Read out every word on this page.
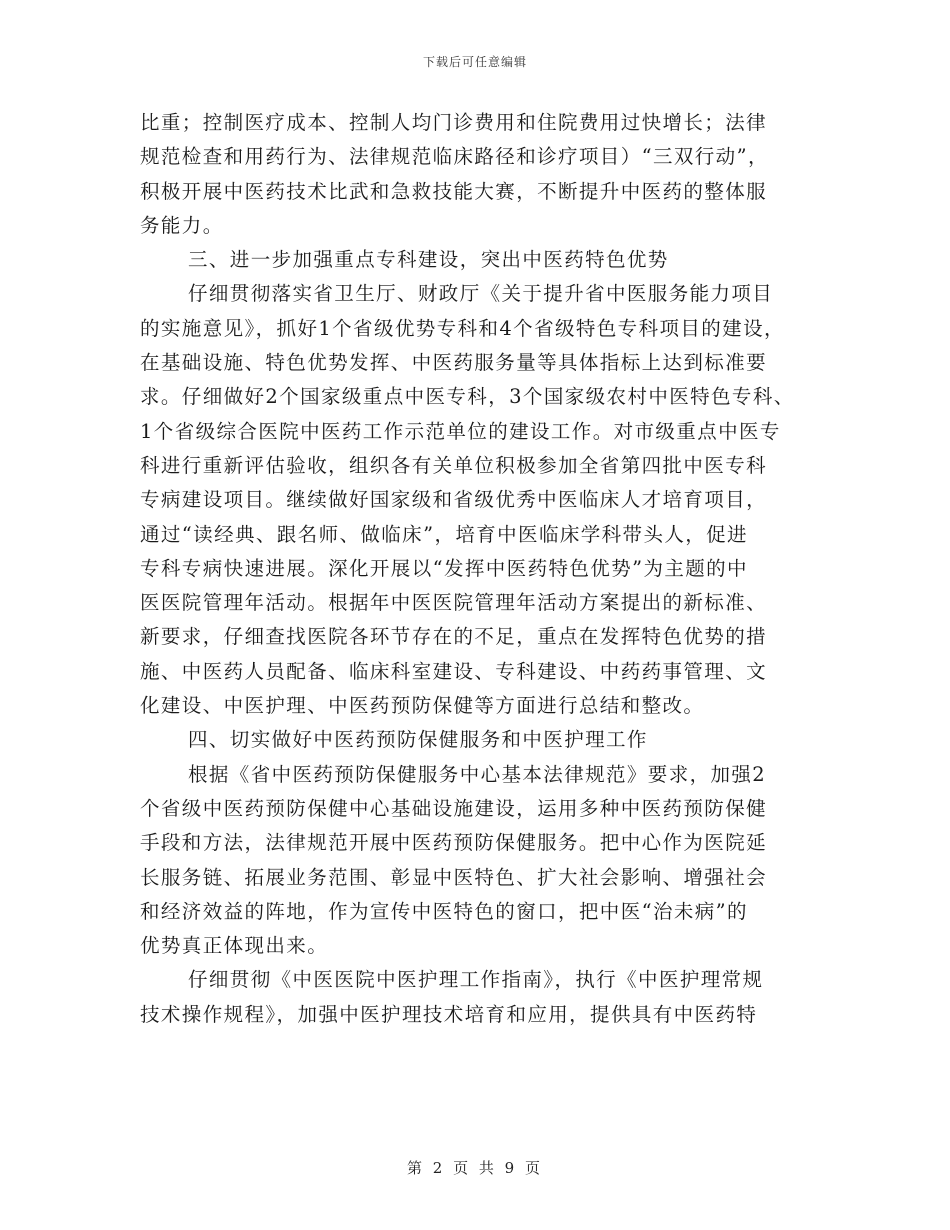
下载后可任意编辑
比重；控制医疗成本、控制人均门诊费用和住院费用过快增长；法律
规范检查和用药行为、法律规范临床路径和诊疗项目）“三双行动”，
积极开展中医药技术比武和急救技能大赛，不断提升中医药的整体服
务能力。
三、进一步加强重点专科建设，突出中医药特色优势
仔细贯彻落实省卫生厅、财政厅《关于提升省中医服务能力项目
的实施意见》，抓好1个省级优势专科和4个省级特色专科项目的建设，
在基础设施、特色优势发挥、中医药服务量等具体指标上达到标准要
求。仔细做好2个国家级重点中医专科，3个国家级农村中医特色专科、
1个省级综合医院中医药工作示范单位的建设工作。对市级重点中医专
科进行重新评估验收，组织各有关单位积极参加全省第四批中医专科
专病建设项目。继续做好国家级和省级优秀中医临床人才培育项目，
通过“读经典、跟名师、做临床”，培育中医临床学科带头人，促进
专科专病快速进展。深化开展以“发挥中医药特色优势”为主题的中
医医院管理年活动。根据年中医医院管理年活动方案提出的新标准、
新要求，仔细查找医院各环节存在的不足，重点在发挥特色优势的措
施、中医药人员配备、临床科室建设、专科建设、中药药事管理、文
化建设、中医护理、中医药预防保健等方面进行总结和整改。
四、切实做好中医药预防保健服务和中医护理工作
根据《省中医药预防保健服务中心基本法律规范》要求，加强2
个省级中医药预防保健中心基础设施建设，运用多种中医药预防保健
手段和方法，法律规范开展中医药预防保健服务。把中心作为医院延
长服务链、拓展业务范围、彰显中医特色、扩大社会影响、增强社会
和经济效益的阵地，作为宣传中医特色的窗口，把中医“治未病”的
优势真正体现出来。
仔细贯彻《中医医院中医护理工作指南》，执行《中医护理常规
技术操作规程》，加强中医护理技术培育和应用，提供具有中医药特
第 2 页 共 9 页
